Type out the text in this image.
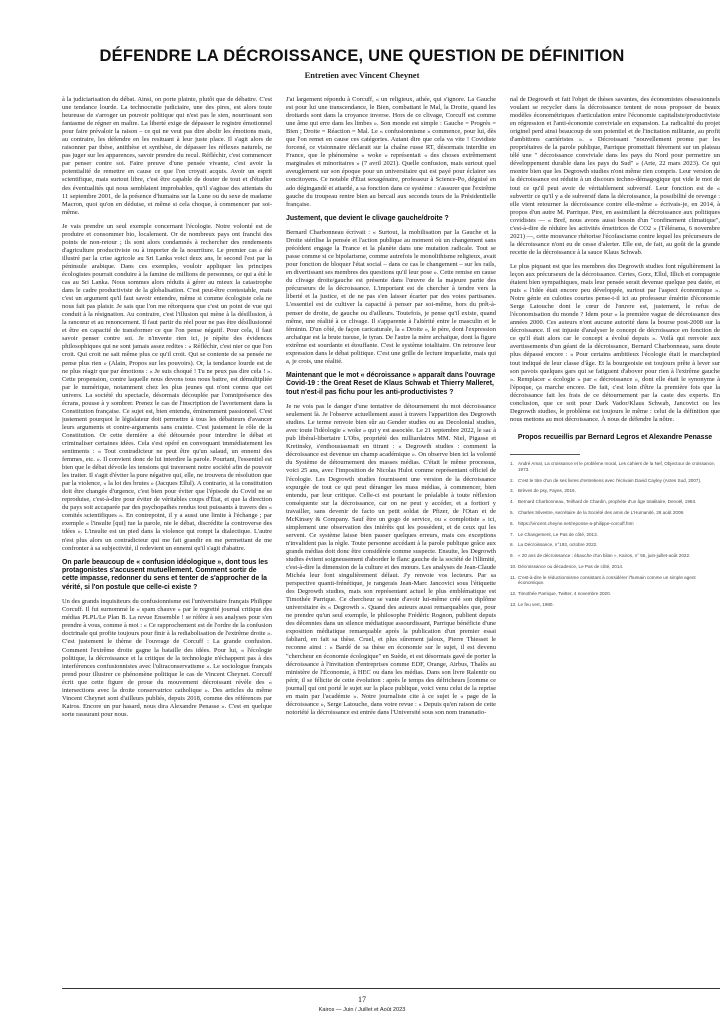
DÉFENDRE LA DÉCROISSANCE, UNE QUESTION DE DÉFINITION
Entretien avec Vincent Cheynet

à la judiciarisation du débat. Ainsi, on porte plainte, plutôt que de débattre. C'est une tendance lourde. La technocratie judiciaire, une des pires, est alors toute heureuse de s'arroger un pouvoir politique qui n'est pas le sien, nourrissant son fantasme de régner en maître. La liberté exige de dépasser le registre émotionnel pour faire prévaloir la raison – ce qui ne veut pas dire abolir les émotions mais, au contraire, les défendre en les resituant à leur juste place. Il s'agit alors de raisonner par thèse, antithèse et synthèse, de dépasser les réflexes naturels, ne pas juger sur les apparences, savoir prendre du recul. Réfléchir, c'est commencer par penser contre soi. Faire preuve d'une pensée vivante, c'est avoir la potentialité de remettre en cause ce que l'on croyait acquis. Avoir un esprit scientifique, mais surtout libre, c'est être capable de douter de tout et d'étudier des éventualités qui nous semblaient improbables, qu'il s'agisse des attentats du 11 septembre 2001, de la présence d'humains sur la Lune ou du sexe de madame Macron, quoi qu'on en déduise, et même si cela choque, à commencer par soi-même.

Je vais prendre un seul exemple concernant l'écologie. Notre volonté est de produire et consommer bio, localement. Or de nombreux pays ont franchi des points de non-retour ; ils sont alors condamnés à rechercher des rendements d'agriculture productiviste ou à importer de la nourriture. Le premier cas a été illustré par la crise agricole au Sri Lanka voici deux ans, le second l'est par la péninsule arabique. Dans ces exemples, vouloir appliquer les principes écologistes pourrait conduire à la famine de millions de personnes, ce qui a été le cas au Sri Lanka. Nous sommes alors réduits à gérer au mieux la catastrophe dans le cadre productiviste de la globalisation. C'est peut-être contestable, mais c'est un argument qu'il faut savoir entendre, même si comme écologiste cela ne nous fait pas plaisir. Je sais que l'on me rétorquera que c'est un point de vue qui conduit à la résignation. Au contraire, c'est l'illusion qui mène à la désillusion, à la rancœur et au renoncement. Il faut partir du réel pour ne pas être désillusionné et être en capacité de transformer ce que l'on pense négatif. Pour cela, il faut savoir penser contre soi. Je n'invente rien ici, je répète des évidences philosophiques qui ne sont jamais assez redites : « Réfléchir, c'est nier ce que l'on croit. Qui croit ne sait même plus ce qu'il croit. Qui se contente de sa pensée ne pense plus rien » (Alain, Propos sur les pouvoirs). Or, la tendance lourde est de ne plus réagir que par émotions : « Je suis choqué ! Tu ne peux pas dire cela ! ». Cette propension, contre laquelle nous devons tous nous battre, est démultipliée par le numérique, notamment chez les plus jeunes qui n'ont connu que cet univers. La société du spectacle, désormais découplée par l'omniprésence des écrans, pousse à y sombrer. Prenez le cas de l'inscription de l'avortement dans la Constitution française. Ce sujet est, bien entendu, éminemment passionnel. C'est justement pourquoi le législateur doit permettre à tous les débatteurs d'avancer leurs arguments et contre-arguments sans crainte. C'est justement le rôle de la Constitution. Or cette dernière a été détournée pour interdire le débat et criminaliser certaines idées. Cela s'est opéré en convoquant immédiatement les sentiments : « Tout contradicteur ne peut être qu'un salaud, un ennemi des femmes, etc. ». Il convient donc de lui interdire la parole. Pourtant, l'essentiel est bien que le débat dévoile les tensions qui traversent notre société afin de pouvoir les traiter. Il s'agit d'éviter la pure négative qui, elle, ne trouvera de résolution que par la violence, « la loi des brutes » (Jacques Ellul). A contrario, si la constitution doit être changée d'urgence, c'est bien pour éviter que l'épisode du Covid ne se reproduise, c'est-à-dire pour éviter de véritables coups d'État, et que la direction du pays soit accaparée par des psychopathes rendus tout puissants à travers des « comités scientifiques ». En contrepoint, il y a aussi une limite à l'échange ; par exemple « l'insulte [qui] tue la parole, nie le débat, discrédite la controverse des idées ». L'insulte est un pied dans la violence qui rompt la dialectique. L'autre n'est plus alors un contradicteur qui me fait grandir en me permettant de me confronter à sa subjectivité, il redevient un ennemi qu'il s'agit d'abattre.

On parle beaucoup de « confusion idéologique », dont tous les protagonistes s'accusent mutuellement. Comment sortir de cette impasse, redonner du sens et tenter de s'approcher de la vérité, si l'on postule que celle-ci existe ?

Un des grands inquisiteurs du confusionnisme est l'universitaire français Philippe Corcuff. Il fut surnommé le « spam chauve » par le regretté journal critique des médias PLPL/Le Plan B. La revue Ensemble ! se réfère à ses analyses pour s'en prendre à vous, comme à moi : « Ce rapprochement est de l'ordre de la confusion doctrinale qui profite toujours pour finir à la rediabolisation de l'extrême droite ». C'est justement le thème de l'ouvrage de Corcuff : La grande confusion. Comment l'extrême droite gagne la bataille des idées. Pour lui, « l'écologie politique, la décroissance et la critique de la technologie n'échappent pas à des interférences confusionnistes avec l'ultraconservatisme ». Le sociologue français prend pour illustrer ce phénomène politique le cas de Vincent Cheynet. Corcuff écrit que cette figure de proue du mouvement décroissant révèle des « intersections avec la droite conservatrice catholique ». Des articles du même Vincent Cheynet sont d'ailleurs publiés, depuis 2018, comme des références par Kairos. Encore un pur hasard, nous dira Alexandre Penasse ». C'est en quelque sorte rassurant pour nous.

J'ai largement répondu à Corcuff, « un religieux, athée, qui s'ignore. La Gauche est pour lui une transcendance, le Bien, combattant le Mal, la Droite, quand les droitards sont dans la croyance inverse. Hors de ce clivage, Corcuff est comme une âme qui erre dans les limbes ». Son monde est simple : Gauche = Progrès = Bien ; Droite = Réaction = Mal. Le « confusionnisme » commence, pour lui, dès que l'on remet en cause ces catégories. Autant dire que cela va vite ! Covidiste forcené, ce visionnaire déclarait sur la chaîne russe RT, désormais interdite en France, que le phénomène « woke » représentait « des choses extrêmement marginales et minoritaires » (7 avril 2021). Quelle confusion, mais surtout quel aveuglement sur son époque pour un universitaire qui est payé pour éclairer ses concitoyens. Ce notable d'État sexagénaire, professeur à Science-Po, déguisé en ado dégingandé et attardé, a sa fonction dans ce système : s'assurer que l'extrême gauche du troupeau rentre bien au bercail aux seconds tours de la Présidentielle française.

Justement, que devient le clivage gauche/droite ?

Bernard Charbonneau écrivait : « Surtout, la mobilisation par la Gauche et la Droite stérilise la pensée et l'action publique au moment où un changement sans précédent engage la France et la planète dans une mutation radicale. Tout se passe comme si ce bipolarisme, comme autrefois le monolithisme religieux, avait pour fonction de bloquer l'état social – dans ce cas le changement – sur les rails, en divertissant ses membres des questions qu'il leur pose ». Cette remise en cause du clivage droite/gauche est présente dans l'œuvre de la majeure partie des précurseurs de la décroissance. L'important est de chercher à tendre vers la liberté et la justice, et de ne pas s'en laisser écarter par des voies partisanes. L'essentiel est de cultiver la capacité à penser par soi-même, hors du prêt-à-penser de droite, de gauche ou d'ailleurs. Toutefois, je pense qu'il existe, quand même, une réalité à ce clivage. Il s'apparente à l'altérité entre le masculin et le féminin. D'un côté, de façon caricaturale, la « Droite », le père, dont l'expression archaïque est la brute tueuse, le tyran. De l'autre la mère archaïque, dont la figure extrême est sourdante et étouffante. C'est le système totalitaire. On retrouve leur expression dans le débat politique. C'est une grille de lecture imparfaite, mais qui a, je crois, une réalité.

Maintenant que le mot « décroissance » apparaît dans l'ouvrage Covid-19 : the Great Reset de Klaus Schwab et Thierry Malleret, tout n'est-il pas fichu pour les anti-productivistes ?

Je ne vois pas le danger d'une tentative de détournement du mot décroissance seulement là. Je l'observe actuellement aussi à travers l'apparition des Degrowth studies. Le terme renvoie bien sûr au Gender studies ou au Decolonial studies, avec toute l'idéologie « woke » qui y est associée. Le 21 septembre 2022, le sac à pub libéral-libertaire L'Obs, propriété des milliardaires MM. Niel, Pigasse et Kretinsky, s'enthousiasmait en titrant : « Degrowth studies : comment la décroissance est devenue un champ académique ». On observe bien ici la volonté du Système de détournement des masses médias. C'était le même processus, voici 25 ans, avec l'imposition de Nicolas Hulot comme représentant officiel de l'écologie. Les Degrowth studies fournissent une version de la décroissance expurgée de tout ce qui peut déranger les mass médias, à commencer, bien entendu, par leur critique. Celle-ci est pourtant le préalable à toute réflexion conséquente sur la décroissance, car on ne peut y accéder, et a fortiori y travailler, sans devenir de facto un petit soldat de Pfizer, de l'Otan et de McKinsey & Company. Sauf être un gogo de service, ou « complotiste » ici, simplement une observation des intérêts qui les possèdent, et de ceux qui les servent. Ce système laisse bien passer quelques erreurs, mais ces exceptions n'invalident pas la règle. Toute personne accédant à la parole publique grâce aux grands médias doit donc être considérée comme suspecte. Ensuite, les Degrowth studies évitent soigneusement d'aborder le flanc gauche de la société de l'illimité, c'est-à-dire la dimension de la culture et des mœurs. Les analyses de Jean-Claude Michéa leur font singulièrement défaut. J'y renvoie vos lecteurs. Par sa perspective quanti-frénétique, je rangerais Jean-Marc Jancovici sous l'étiquette des Degrowth studies, mais son représentant actuel le plus emblématique est Timothée Parrique. Ce chercheur se vante d'avoir lui-même créé son diplôme universitaire ès « Degrowth ». Quand des auteurs aussi remarquables que, pour ne prendre qu'un seul exemple, le philosophe Frédéric Rognon, publient depuis des décennies dans un silence médiatique assourdissant, Parrique bénéficie d'une exposition médiatique remarquable après la publication d'un premier essai fabliard, en fait sa thèse. Cruel, et plus sûrement jaloux, Pierre Thiesset le reconne ainsi : « Bardé de sa thèse en économie sur le sujet, il est devenu "chercheur en économie écologique" en Suède, et est désormais gavé de porter la décroissance à l'invitation d'entreprises comme EDF, Orange, Airbus, Thalès au ministère de l'Économie, à HEC ou dans les médias. Dans son livre Ralentir ou périr, il se félicite de cette évolution : après le temps des défricheurs [comme ce journal] qui ont porté le sujet sur la place publique, voici venu celui de la reprise en main par l'académie ». Notre journaliste cite à ce sujet le « page de la décroissance », Serge Latouche, dans votre revue : « Depuis qu'en raison de cette notoriété la décroissance est entrée dans l'Université sous son nom transnatio-

nal de Degrowth et fait l'objet de thèses savantes, des économistes obsessionnels voulant se recycler dans la décroissance tentent de nous proposer de beaux modèles économétriques d'articulation entre l'économie capitaliste/productiviste en régression et l'anti-économie conviviale en expansion. La radicalité du projet originel perd ainsi beaucoup de son potentiel et de l'incitation militante, au profit d'ambitions carriéristes ». « Décroissant "nouvellement promu par les propriétaires de la parole publique, Parrique promettait fièrement sur un plateau télé une " décroissance conviviale dans les pays du Nord pour permettre un développement durable dans les pays du Sud" » (Arte, 22 mars 2023). Ce qui montre bien que les Degrowth studies n'ont même rien compris. Leur version de la décroissance est réduite à un discours techno-démagogique qui vide le mot de tout ce qu'il peut avoir de véritablement subversif. Leur fonction est de « subvertir ce qu'il y a de subversif dans la décroissance, la possibilité de revenge : elle vient retourner la décroissance contre elle-même » écrivais-je, en 2014, à propos d'un autre M. Parrique. Pire, en assimilant la décroissance aux politiques covidistes — « Bref, nous avons aussi besoin d'un "confinement climatique", c'est-à-dire de réduire les activités émettrices de CO2 » (Télérama, 6 novembre 2021) —, cette mouvance rhétorise l'écofascisme contre lequel les précurseurs de la décroissance n'ont eu de cesse d'alerter. Elle est, de fait, au goût de la grande recette de la décroissance à la sauce Klaus Schwab.

Le plus piquant est que les membres des Degrowth studies font régulièrement la leçon aux précurseurs de la décroissance. Certes, Gorz, Ellul, Illich et compagnie étaient bien sympathiques, mais leur pensée serait devenue quelque peu datée, et puis « l'idée était encore peu développée, surtout par l'aspect économique ». Notre génie en culottes courtes pense-t-il ici au professeur émérite d'économie Serge Latouche dont le cœur de l'œuvre est, justement, le refus de l'économisation du monde ? Idem pour « la première vague de décroissance des années 2000. Ces auteurs n'ont aucune autorité dans la bourse post-2008 sur la décroissance. Il est injuste d'analyser le concept de décroissance en fonction de ce qu'il était alors car le concept a évolué depuis ». Voilà qui renvoie aux avertissements d'un géant de la décroissance, Bernard Charbonneau, sans doute plus dépassé encore : « Pour certains ambitieux l'écologie était le marchepied tout indiqué de leur classe d'âge. Et la bourgeoisie est toujours prête à lever sur son pavois quelques gars qui se fatiguent d'abover pour rien à l'extrême gauche ». Remplacer « écologie » par « décroissance », dont elle était le synonyme à l'époque, ça marche encore. De fait, c'est loin d'être la première fois que la décroissance fait les frais de ce détournement par la caste des experts. En conclusion, que ce soit pour Dark Vador/Klaus Schwab, Jancovici ou les Degrowth studies, le problème est toujours le même : celui de la définition que nous mettons au mot décroissance. À nous de défendre la nôtre.

Propos recueillis par Bernard Legros et Alexandre Penasse
1. André Amar, La croissance et le problème moral, Les cahiers de la Nef, Objectour de croissance, 1973.
2. C'est le titre d'un de ses livres d'entretiens avec l'écrivain David Cayley (Actes Sud, 2007).
3. Brèves de psy, Fayes, 2016.
4. Bernard Charbonneau, Teilhard de Chardin, prophète d'un âge totalitaire, Denoël, 1963.
5. Charles Silvestre, secrétaire de la Société des amis de L'Humanité, 28 août 2009.
6. https://vincent.cheyne.net/reponse-a-philippe-corcuff.htm
7. Le Changement, Le Pas de côté, 2013.
8. La Décroissance, n°193, octobre 2022.
9. « 20 ans de décroissance : ébauche d'un bilan », Kairos, n° 55, juin-juillet-août 2022.
10. Décroissance ou décadence, Le Pas de côté, 2014.
11. C'est-à-dire le réductionnisme consistant à considérer l'humain comme un simple agent économique.
12. Timothée Parrique, Twitter, 4 novembre 2020.
13. Le feu vert, 1980.
17
Kairos — Juin / Juillet et Août 2023
